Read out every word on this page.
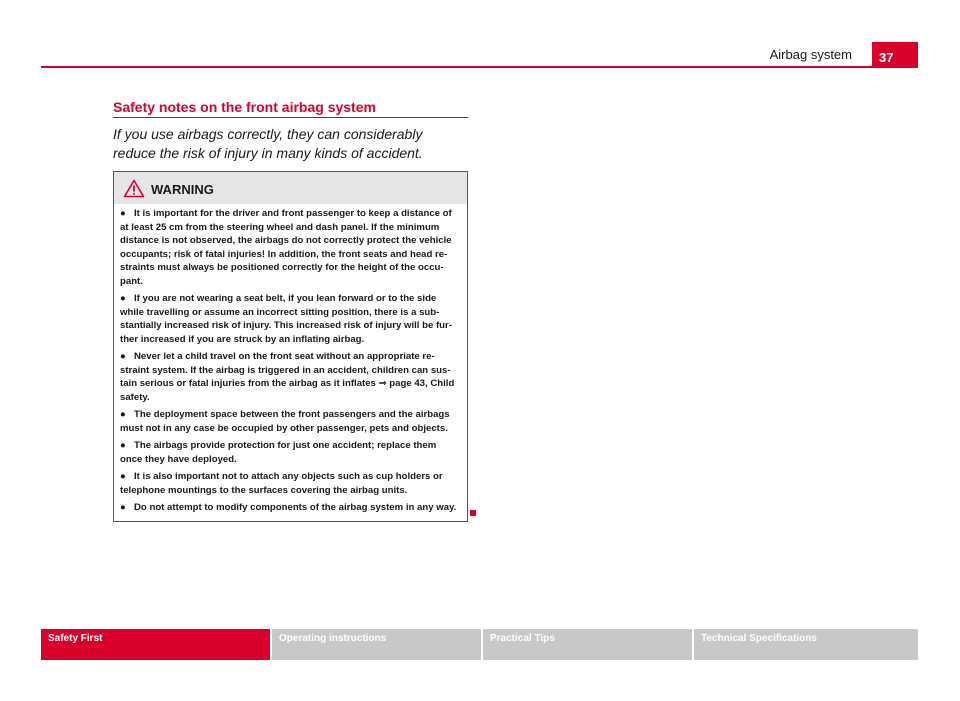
Airbag system	37
Safety notes on the front airbag system
If you use airbags correctly, they can considerably reduce the risk of injury in many kinds of accident.
WARNING

● It is important for the driver and front passenger to keep a distance of at least 25 cm from the steering wheel and dash panel. If the minimum distance is not observed, the airbags do not correctly protect the vehicle occupants; risk of fatal injuries! In addition, the front seats and head re-straints must always be positioned correctly for the height of the occu-pant.

● If you are not wearing a seat belt, if you lean forward or to the side while travelling or assume an incorrect sitting position, there is a sub-stantially increased risk of injury. This increased risk of injury will be fur-ther increased if you are struck by an inflating airbag.

● Never let a child travel on the front seat without an appropriate re-straint system. If the airbag is triggered in an accident, children can sus-tain serious or fatal injuries from the airbag as it inflates ⇒ page 43, Child safety.

● The deployment space between the front passengers and the airbags must not in any case be occupied by other passenger, pets and objects.

● The airbags provide protection for just one accident; replace them once they have deployed.

● It is also important not to attach any objects such as cup holders or telephone mountings to the surfaces covering the airbag units.

● Do not attempt to modify components of the airbag system in any way.

Safety First	Operating instructions	Practical Tips	Technical Specifications
